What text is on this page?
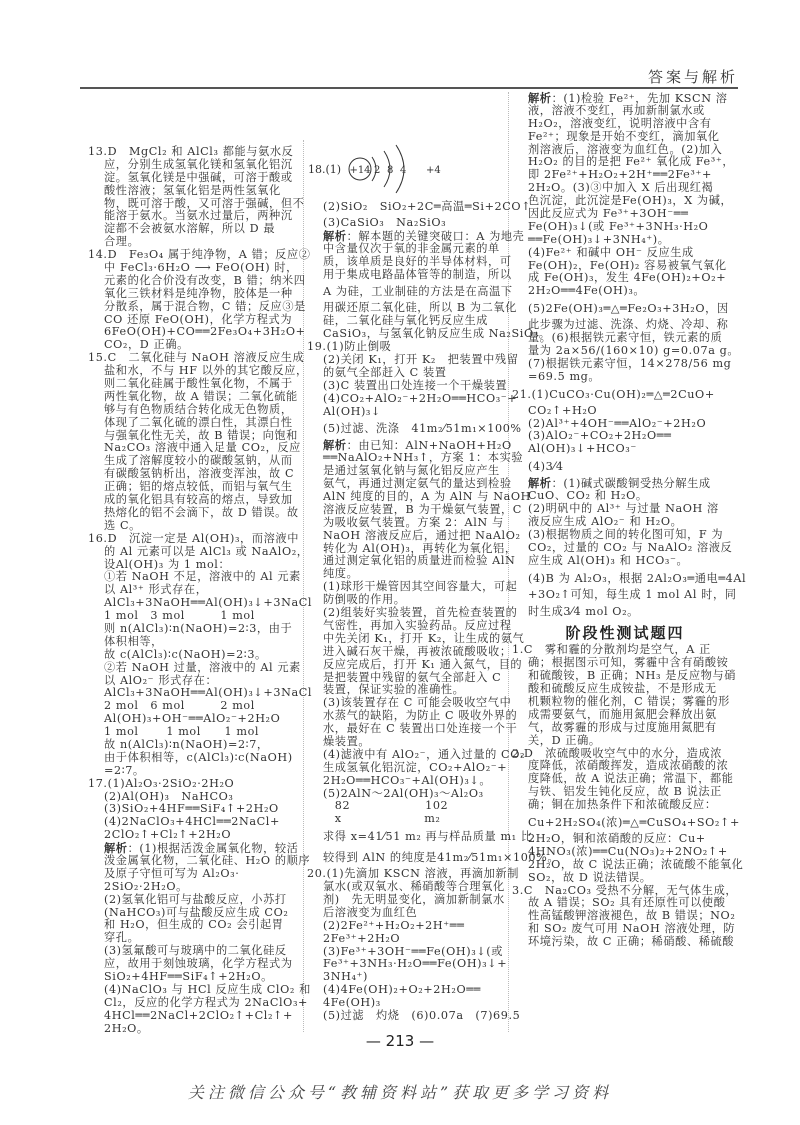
答案与解析
18.(1) +14 2 8 4 +4
13.D　MgCl₂ 和 AlCl₃ 都能与氨水反
应，分别生成氢氧化镁和氢氧化铝沉
淀。氢氧化镁是中强碱，可溶于酸或
酸性溶液；氢氧化铝是两性氢氧化
物，既可溶于酸，又可溶于强碱，但不
能溶于氨水。当氨水过量后，两种沉
淀都不会被氨水溶解，所以 D 最
合理。
14.D　Fe₃O₄ 属于纯净物，A 错；反应②
中 FeCl₃·6H₂O ⟶ FeO(OH) 时，
元素的化合价没有改变，B 错；纳米四
氧化三铁材料是纯净物，胶体是一种
分散系，属于混合物，C 错；反应③是
CO 还原 FeO(OH)，化学方程式为
6FeO(OH)+CO══2Fe₃O₄+3H₂O+
CO₂，D 正确。
15.C　二氧化硅与 NaOH 溶液反应生成
盐和水，不与 HF 以外的其它酸反应，
则二氧化硅属于酸性氧化物，不属于
两性氧化物，故 A 错误；二氧化硫能
够与有色物质结合转化成无色物质，
体现了二氧化硫的漂白性，其漂白性
与强氧化性无关，故 B 错误；向饱和
Na₂CO₃ 溶液中通入足量 CO₂，反应
生成了溶解度较小的碳酸氢钠，从而
有碳酸氢钠析出，溶液变浑浊，故 C
正确；铝的熔点较低，而铝与氧气生
成的氧化铝具有较高的熔点，导致加
热熔化的铝不会滴下，故 D 错误。故
选 C。
16.D　沉淀一定是 Al(OH)₃，而溶液中
的 Al 元素可以是 AlCl₃ 或 NaAlO₂，
设Al(OH)₃ 为 1 mol：
①若 NaOH 不足，溶液中的 Al 元素
以 Al³⁺ 形式存在，
AlCl₃+3NaOH══Al(OH)₃↓+3NaCl
1 mol　3 mol　　　1 mol
则 n(AlCl₃)∶n(NaOH)=2∶3，由于
体积相等，
故 c(AlCl₃)∶c(NaOH)=2∶3。
②若 NaOH 过量，溶液中的 Al 元素
以 AlO₂⁻ 形式存在：
AlCl₃+3NaOH══Al(OH)₃↓+3NaCl
2 mol　6 mol　　　2 mol
Al(OH)₃+OH⁻══AlO₂⁻+2H₂O
1 mol　　 1 mol　　1 mol
故 n(AlCl₃)∶n(NaOH)=2∶7，
由于体积相等，c(AlCl₃)∶c(NaOH)
=2∶7。
17.(1)Al₂O₃·2SiO₂·2H₂O
(2)Al(OH)₃　NaHCO₃
(3)SiO₂+4HF══SiF₄↑+2H₂O
(4)2NaClO₃+4HCl══2NaCl+
2ClO₂↑+Cl₂↑+2H₂O
解析：(1)根据活泼金属氧化物，较活
泼金属氧化物，二氧化硅、H₂O 的顺序
及原子守恒可写为 Al₂O₃·
2SiO₂·2H₂O。
(2)氢氧化铝可与盐酸反应，小苏打
(NaHCO₃)可与盐酸反应生成 CO₂
和 H₂O，但生成的 CO₂ 会引起胃
穿孔。
(3)氢氟酸可与玻璃中的二氧化硅反
应，故用于刻蚀玻璃，化学方程式为
SiO₂+4HF══SiF₄↑+2H₂O。
(4)NaClO₃ 与 HCl 反应生成 ClO₂ 和
Cl₂，反应的化学方程式为 2NaClO₃+
4HCl══2NaCl+2ClO₂↑+Cl₂↑+
2H₂O。
(2)SiO₂　SiO₂+2C═高温═Si+2CO↑
(3)CaSiO₃　Na₂SiO₃
解析：解本题的关键突破口：A 为地壳
中含量仅次于氧的非金属元素的单
质，该单质是良好的半导体材料，可
用于集成电路晶体管等的制造，所以
A 为硅，工业制硅的方法是在高温下
用碳还原二氧化硅，所以 B 为二氧化
硅，二氧化硅与氧化钙反应生成
CaSiO₃，与氢氧化钠反应生成 Na₂SiO₃。
19.(1)防止倒吸
(2)关闭 K₁，打开 K₂　把装置中残留
的氨气全部赶入 C 装置
(3)C 装置出口处连接一个干燥装置
(4)CO₂+AlO₂⁻+2H₂O══HCO₃⁻+
Al(OH)₃↓
(5)过滤、洗涤　41m₂⁄51m₁×100%
解析：由已知：AlN+NaOH+H₂O
══NaAlO₂+NH₃↑，方案 1：本实验
是通过氢氧化钠与氮化铝反应产生
氨气，再通过测定氨气的量达到检验
AlN 纯度的目的，A 为 AlN 与 NaOH
溶液反应装置，B 为干燥氨气装置，C
为吸收氨气装置。方案 2：AlN 与
NaOH 溶液反应后，通过把 NaAlO₂
转化为 Al(OH)₃，再转化为氧化铝，
通过测定氧化铝的质量进而检验 AlN
纯度。
(1)球形干燥管因其空间容量大，可起
防倒吸的作用。
(2)组装好实验装置，首先检查装置的
气密性，再加入实验药品。反应过程
中先关闭 K₁，打开 K₂，让生成的氨气
进入碱石灰干燥，再被浓硫酸吸收；
反应完成后，打开 K₁ 通入氮气，目的
是把装置中残留的氨气全部赶入 C
装置，保证实验的准确性。
(3)该装置存在 C 可能会吸收空气中
水蒸气的缺陷，为防止 C 吸收外界的
水，最好在 C 装置出口处连接一个干
燥装置。
(4)滤液中有 AlO₂⁻，通入过量的 CO₂
生成氢氧化铝沉淀，CO₂+AlO₂⁻+
2H₂O══HCO₃⁻+Al(OH)₃↓。
(5)2AlN～2Al(OH)₃～Al₂O₃
　82　　　　　　 102
　x　　　　　　　m₂
求得 x=41⁄51 m₂ 再与样品质量 m₁ 比
较得到 AlN 的纯度是41m₂⁄51m₁×100%。
20.(1)先滴加 KSCN 溶液，再滴加新制
氯水(或双氧水、稀硝酸等合理氧化
剂)　先无明显变化，滴加新制氯水
后溶液变为血红色
(2)2Fe²⁺+H₂O₂+2H⁺══
2Fe³⁺+2H₂O
(3)Fe³⁺+3OH⁻══Fe(OH)₃↓(或
Fe³⁺+3NH₃·H₂O══Fe(OH)₃↓+
3NH₄⁺)
(4)4Fe(OH)₂+O₂+2H₂O══
4Fe(OH)₃
(5)过滤　灼烧　(6)0.07a　(7)69.5
解析：(1)检验 Fe²⁺，先加 KSCN 溶
液，溶液不变红，再加新制氯水或
H₂O₂，溶液变红，说明溶液中含有
Fe²⁺；现象是开始不变红，滴加氧化
剂溶液后，溶液变为血红色。(2)加入
H₂O₂ 的目的是把 Fe²⁺ 氧化成 Fe³⁺，
即 2Fe²⁺+H₂O₂+2H⁺══2Fe³⁺+
2H₂O。(3)③中加入 X 后出现红褐
色沉淀，此沉淀是Fe(OH)₃，X 为碱，
因此反应式为 Fe³⁺+3OH⁻══
Fe(OH)₃↓(或 Fe³⁺+3NH₃·H₂O
══Fe(OH)₃↓+3NH₄⁺)。
(4)Fe²⁺ 和碱中 OH⁻ 反应生成
Fe(OH)₂，Fe(OH)₂ 容易被氧气氧化
成 Fe(OH)₃，发生 4Fe(OH)₂+O₂+
2H₂O══4Fe(OH)₃。
(5)2Fe(OH)₃═△═Fe₂O₃+3H₂O，因
此步骤为过滤、洗涤、灼烧、冷却、称
量。(6)根据铁元素守恒，铁元素的质
量为 2a×56/(160×10) g=0.07a g。
(7)根据铁元素守恒，14×278/56 mg
=69.5 mg。
21.(1)CuCO₃·Cu(OH)₂═△═2CuO+
CO₂↑+H₂O
(2)Al³⁺+4OH⁻══AlO₂⁻+2H₂O
(3)AlO₂⁻+CO₂+2H₂O══
Al(OH)₃↓+HCO₃⁻
(4)3⁄4
解析：(1)碱式碳酸铜受热分解生成
CuO、CO₂ 和 H₂O。
(2)明矾中的 Al³⁺ 与过量 NaOH 溶
液反应生成 AlO₂⁻ 和 H₂O。
(3)根据物质之间的转化图可知，F 为
CO₂，过量的 CO₂ 与 NaAlO₂ 溶液反
应生成 Al(OH)₃ 和 HCO₃⁻。
(4)B 为 Al₂O₃，根据 2Al₂O₃═通电═4Al
+3O₂↑可知，每生成 1 mol Al 时，同
时生成3⁄4 mol O₂。
阶段性测试题四
1.C　雾和霾的分散剂均是空气，A 正
确；根据图示可知，雾霾中含有硝酸铵
和硫酸铵，B 正确；NH₃ 是反应物与硝
酸和硫酸反应生成铵盐，不是形成无
机颗粒物的催化剂，C 错误；雾霾的形
成需要氨气，而施用氮肥会释放出氨
气，故雾霾的形成与过度施用氮肥有
关，D 正确。
2.D　浓硫酸吸收空气中的水分，造成浓
度降低，浓硝酸挥发，造成浓硝酸的浓
度降低，故 A 说法正确；常温下，都能
与铁、铝发生钝化反应，故 B 说法正
确；铜在加热条件下和浓硫酸反应：
Cu+2H₂SO₄(浓)═△═CuSO₄+SO₂↑+
2H₂O，铜和浓硝酸的反应：Cu+
4HNO₃(浓)══Cu(NO₃)₂+2NO₂↑+
2H₂O，故 C 说法正确；浓硫酸不能氧化
SO₂，故 D 说法错误。
3.C　Na₂CO₃ 受热不分解，无气体生成，
故 A 错误；SO₂ 具有还原性可以使酸
性高锰酸钾溶液褪色，故 B 错误；NO₂
和 SO₂ 废气可用 NaOH 溶液处理，防
环境污染，故 C 正确；稀硝酸、稀硫酸
— 213 —
关注微信公众号“教辅资料站”获取更多学习资料
